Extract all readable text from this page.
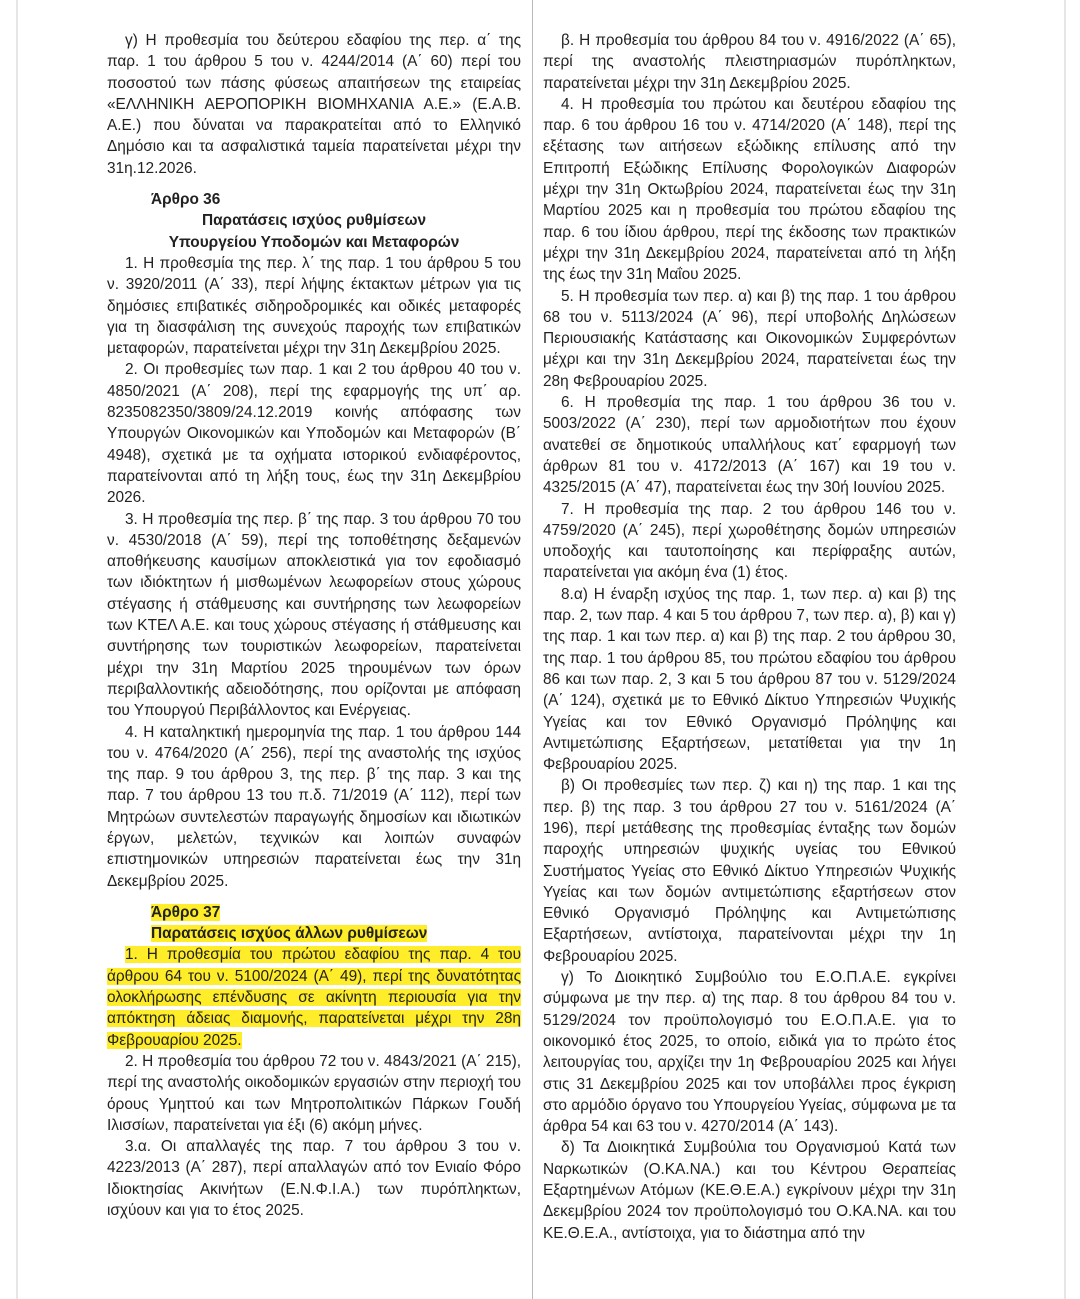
γ) Η προθεσμία του δεύτερου εδαφίου της περ. α΄ της παρ. 1 του άρθρου 5 του ν. 4244/2014 (Α΄ 60) περί του ποσοστού των πάσης φύσεως απαιτήσεων της εταιρείας «ΕΛΛΗΝΙΚΗ ΑΕΡΟΠΟΡΙΚΗ ΒΙΟΜΗΧΑΝΙΑ Α.Ε.» (Ε.Α.Β. Α.Ε.) που δύναται να παρακρατείται από το Ελληνικό Δημόσιο και τα ασφαλιστικά ταμεία παρατείνεται μέχρι την 31η.12.2026.

Άρθρο 36
Παρατάσεις ισχύος ρυθμίσεων
Υπουργείου Υποδομών και Μεταφορών

1. Η προθεσμία της περ. λ΄ της παρ. 1 του άρθρου 5 του ν. 3920/2011 (Α΄ 33), περί λήψης έκτακτων μέτρων για τις δημόσιες επιβατικές σιδηροδρομικές και οδικές μεταφορές για τη διασφάλιση της συνεχούς παροχής των επιβατικών μεταφορών, παρατείνεται μέχρι την 31η Δεκεμβρίου 2025.

2. Οι προθεσμίες των παρ. 1 και 2 του άρθρου 40 του ν. 4850/2021 (Α΄ 208), περί της εφαρμογής της υπ΄ αρ. 8235082350/3809/24.12.2019 κοινής απόφασης των Υπουργών Οικονομικών και Υποδομών και Μεταφορών (Β΄ 4948), σχετικά με τα οχήματα ιστορικού ενδιαφέροντος, παρατείνονται από τη λήξη τους, έως την 31η Δεκεμβρίου 2026.

3. Η προθεσμία της περ. β΄ της παρ. 3 του άρθρου 70 του ν. 4530/2018 (Α΄ 59), περί της τοποθέτησης δεξαμενών αποθήκευσης καυσίμων αποκλειστικά για τον εφοδιασμό των ιδιόκτητων ή μισθωμένων λεωφορείων στους χώρους στέγασης ή στάθμευσης και συντήρησης των λεωφορείων των ΚΤΕΛ Α.Ε. και τους χώρους στέγασης ή στάθμευσης και συντήρησης των τουριστικών λεωφορείων, παρατείνεται μέχρι την 31η Μαρτίου 2025 τηρουμένων των όρων περιβαλλοντικής αδειοδότησης, που ορίζονται με απόφαση του Υπουργού Περιβάλλοντος και Ενέργειας.

4. Η καταληκτική ημερομηνία της παρ. 1 του άρθρου 144 του ν. 4764/2020 (Α΄ 256), περί της αναστολής της ισχύος της παρ. 9 του άρθρου 3, της περ. β΄ της παρ. 3 και της παρ. 7 του άρθρου 13 του π.δ. 71/2019 (Α΄ 112), περί των Μητρώων συντελεστών παραγωγής δημοσίων και ιδιωτικών έργων, μελετών, τεχνικών και λοιπών συναφών επιστημονικών υπηρεσιών παρατείνεται έως την 31η Δεκεμβρίου 2025.

Άρθρο 37
Παρατάσεις ισχύος άλλων ρυθμίσεων

1. Η προθεσμία του πρώτου εδαφίου της παρ. 4 του άρθρου 64 του ν. 5100/2024 (Α΄ 49), περί της δυνατότητας ολοκλήρωσης επένδυσης σε ακίνητη περιουσία για την απόκτηση άδειας διαμονής, παρατείνεται μέχρι την 28η Φεβρουαρίου 2025.

2. Η προθεσμία του άρθρου 72 του ν. 4843/2021 (Α΄ 215), περί της αναστολής οικοδομικών εργασιών στην περιοχή του όρους Υμηττού και των Μητροπολιτικών Πάρκων Γουδή Ιλισσίων, παρατείνεται για έξι (6) ακόμη μήνες.

3.α. Οι απαλλαγές της παρ. 7 του άρθρου 3 του ν. 4223/2013 (Α΄ 287), περί απαλλαγών από τον Ενιαίο Φόρο Ιδιοκτησίας Ακινήτων (Ε.Ν.Φ.Ι.Α.) των πυρόπληκτων, ισχύουν και για το έτος 2025.

β. Η προθεσμία του άρθρου 84 του ν. 4916/2022 (Α΄ 65), περί της αναστολής πλειστηριασμών πυρόπληκτων, παρατείνεται μέχρι την 31η Δεκεμβρίου 2025.

4. Η προθεσμία του πρώτου και δευτέρου εδαφίου της παρ. 6 του άρθρου 16 του ν. 4714/2020 (Α΄ 148), περί της εξέτασης των αιτήσεων εξώδικης επίλυσης από την Επιτροπή Εξώδικης Επίλυσης Φορολογικών Διαφορών μέχρι την 31η Οκτωβρίου 2024, παρατείνεται έως την 31η Μαρτίου 2025 και η προθεσμία του πρώτου εδαφίου της παρ. 6 του ίδιου άρθρου, περί της έκδοσης των πρακτικών μέχρι την 31η Δεκεμβρίου 2024, παρατείνεται από τη λήξη της έως την 31η Μαΐου 2025.

5. Η προθεσμία των περ. α) και β) της παρ. 1 του άρθρου 68 του ν. 5113/2024 (Α΄ 96), περί υποβολής Δηλώσεων Περιουσιακής Κατάστασης και Οικονομικών Συμφερόντων μέχρι και την 31η Δεκεμβρίου 2024, παρατείνεται έως την 28η Φεβρουαρίου 2025.

6. Η προθεσμία της παρ. 1 του άρθρου 36 του ν. 5003/2022 (Α΄ 230), περί των αρμοδιοτήτων που έχουν ανατεθεί σε δημοτικούς υπαλλήλους κατ΄ εφαρμογή των άρθρων 81 του ν. 4172/2013 (Α΄ 167) και 19 του ν. 4325/2015 (Α΄ 47), παρατείνεται έως την 30ή Ιουνίου 2025.

7. Η προθεσμία της παρ. 2 του άρθρου 146 του ν. 4759/2020 (Α΄ 245), περί χωροθέτησης δομών υπηρεσιών υποδοχής και ταυτοποίησης και περίφραξης αυτών, παρατείνεται για ακόμη ένα (1) έτος.

8.α) Η έναρξη ισχύος της παρ. 1, των περ. α) και β) της παρ. 2, των παρ. 4 και 5 του άρθρου 7, των περ. α), β) και γ) της παρ. 1 και των περ. α) και β) της παρ. 2 του άρθρου 30, της παρ. 1 του άρθρου 85, του πρώτου εδαφίου του άρθρου 86 και των παρ. 2, 3 και 5 του άρθρου 87 του ν. 5129/2024 (Α΄ 124), σχετικά με το Εθνικό Δίκτυο Υπηρεσιών Ψυχικής Υγείας και τον Εθνικό Οργανισμό Πρόληψης και Αντιμετώπισης Εξαρτήσεων, μετατίθεται για την 1η Φεβρουαρίου 2025.

β) Οι προθεσμίες των περ. ζ) και η) της παρ. 1 και της περ. β) της παρ. 3 του άρθρου 27 του ν. 5161/2024 (Α΄ 196), περί μετάθεσης της προθεσμίας ένταξης των δομών παροχής υπηρεσιών ψυχικής υγείας του Εθνικού Συστήματος Υγείας στο Εθνικό Δίκτυο Υπηρεσιών Ψυχικής Υγείας και των δομών αντιμετώπισης εξαρτήσεων στον Εθνικό Οργανισμό Πρόληψης και Αντιμετώπισης Εξαρτήσεων, αντίστοιχα, παρατείνονται μέχρι την 1η Φεβρουαρίου 2025.

γ) Το Διοικητικό Συμβούλιο του Ε.Ο.Π.Α.Ε. εγκρίνει σύμφωνα με την περ. α) της παρ. 8 του άρθρου 84 του ν. 5129/2024 τον προϋπολογισμό του Ε.Ο.Π.Α.Ε. για το οικονομικό έτος 2025, το οποίο, ειδικά για το πρώτο έτος λειτουργίας του, αρχίζει την 1η Φεβρουαρίου 2025 και λήγει στις 31 Δεκεμβρίου 2025 και τον υποβάλλει προς έγκριση στο αρμόδιο όργανο του Υπουργείου Υγείας, σύμφωνα με τα άρθρα 54 και 63 του ν. 4270/2014 (Α΄ 143).

δ) Τα Διοικητικά Συμβούλια του Οργανισμού Κατά των Ναρκωτικών (Ο.ΚΑ.ΝΑ.) και του Κέντρου Θεραπείας Εξαρτημένων Ατόμων (ΚΕ.Θ.Ε.Α.) εγκρίνουν μέχρι την 31η Δεκεμβρίου 2024 τον προϋπολογισμό του Ο.ΚΑ.ΝΑ. και του ΚΕ.Θ.Ε.Α., αντίστοιχα, για το διάστημα από την
